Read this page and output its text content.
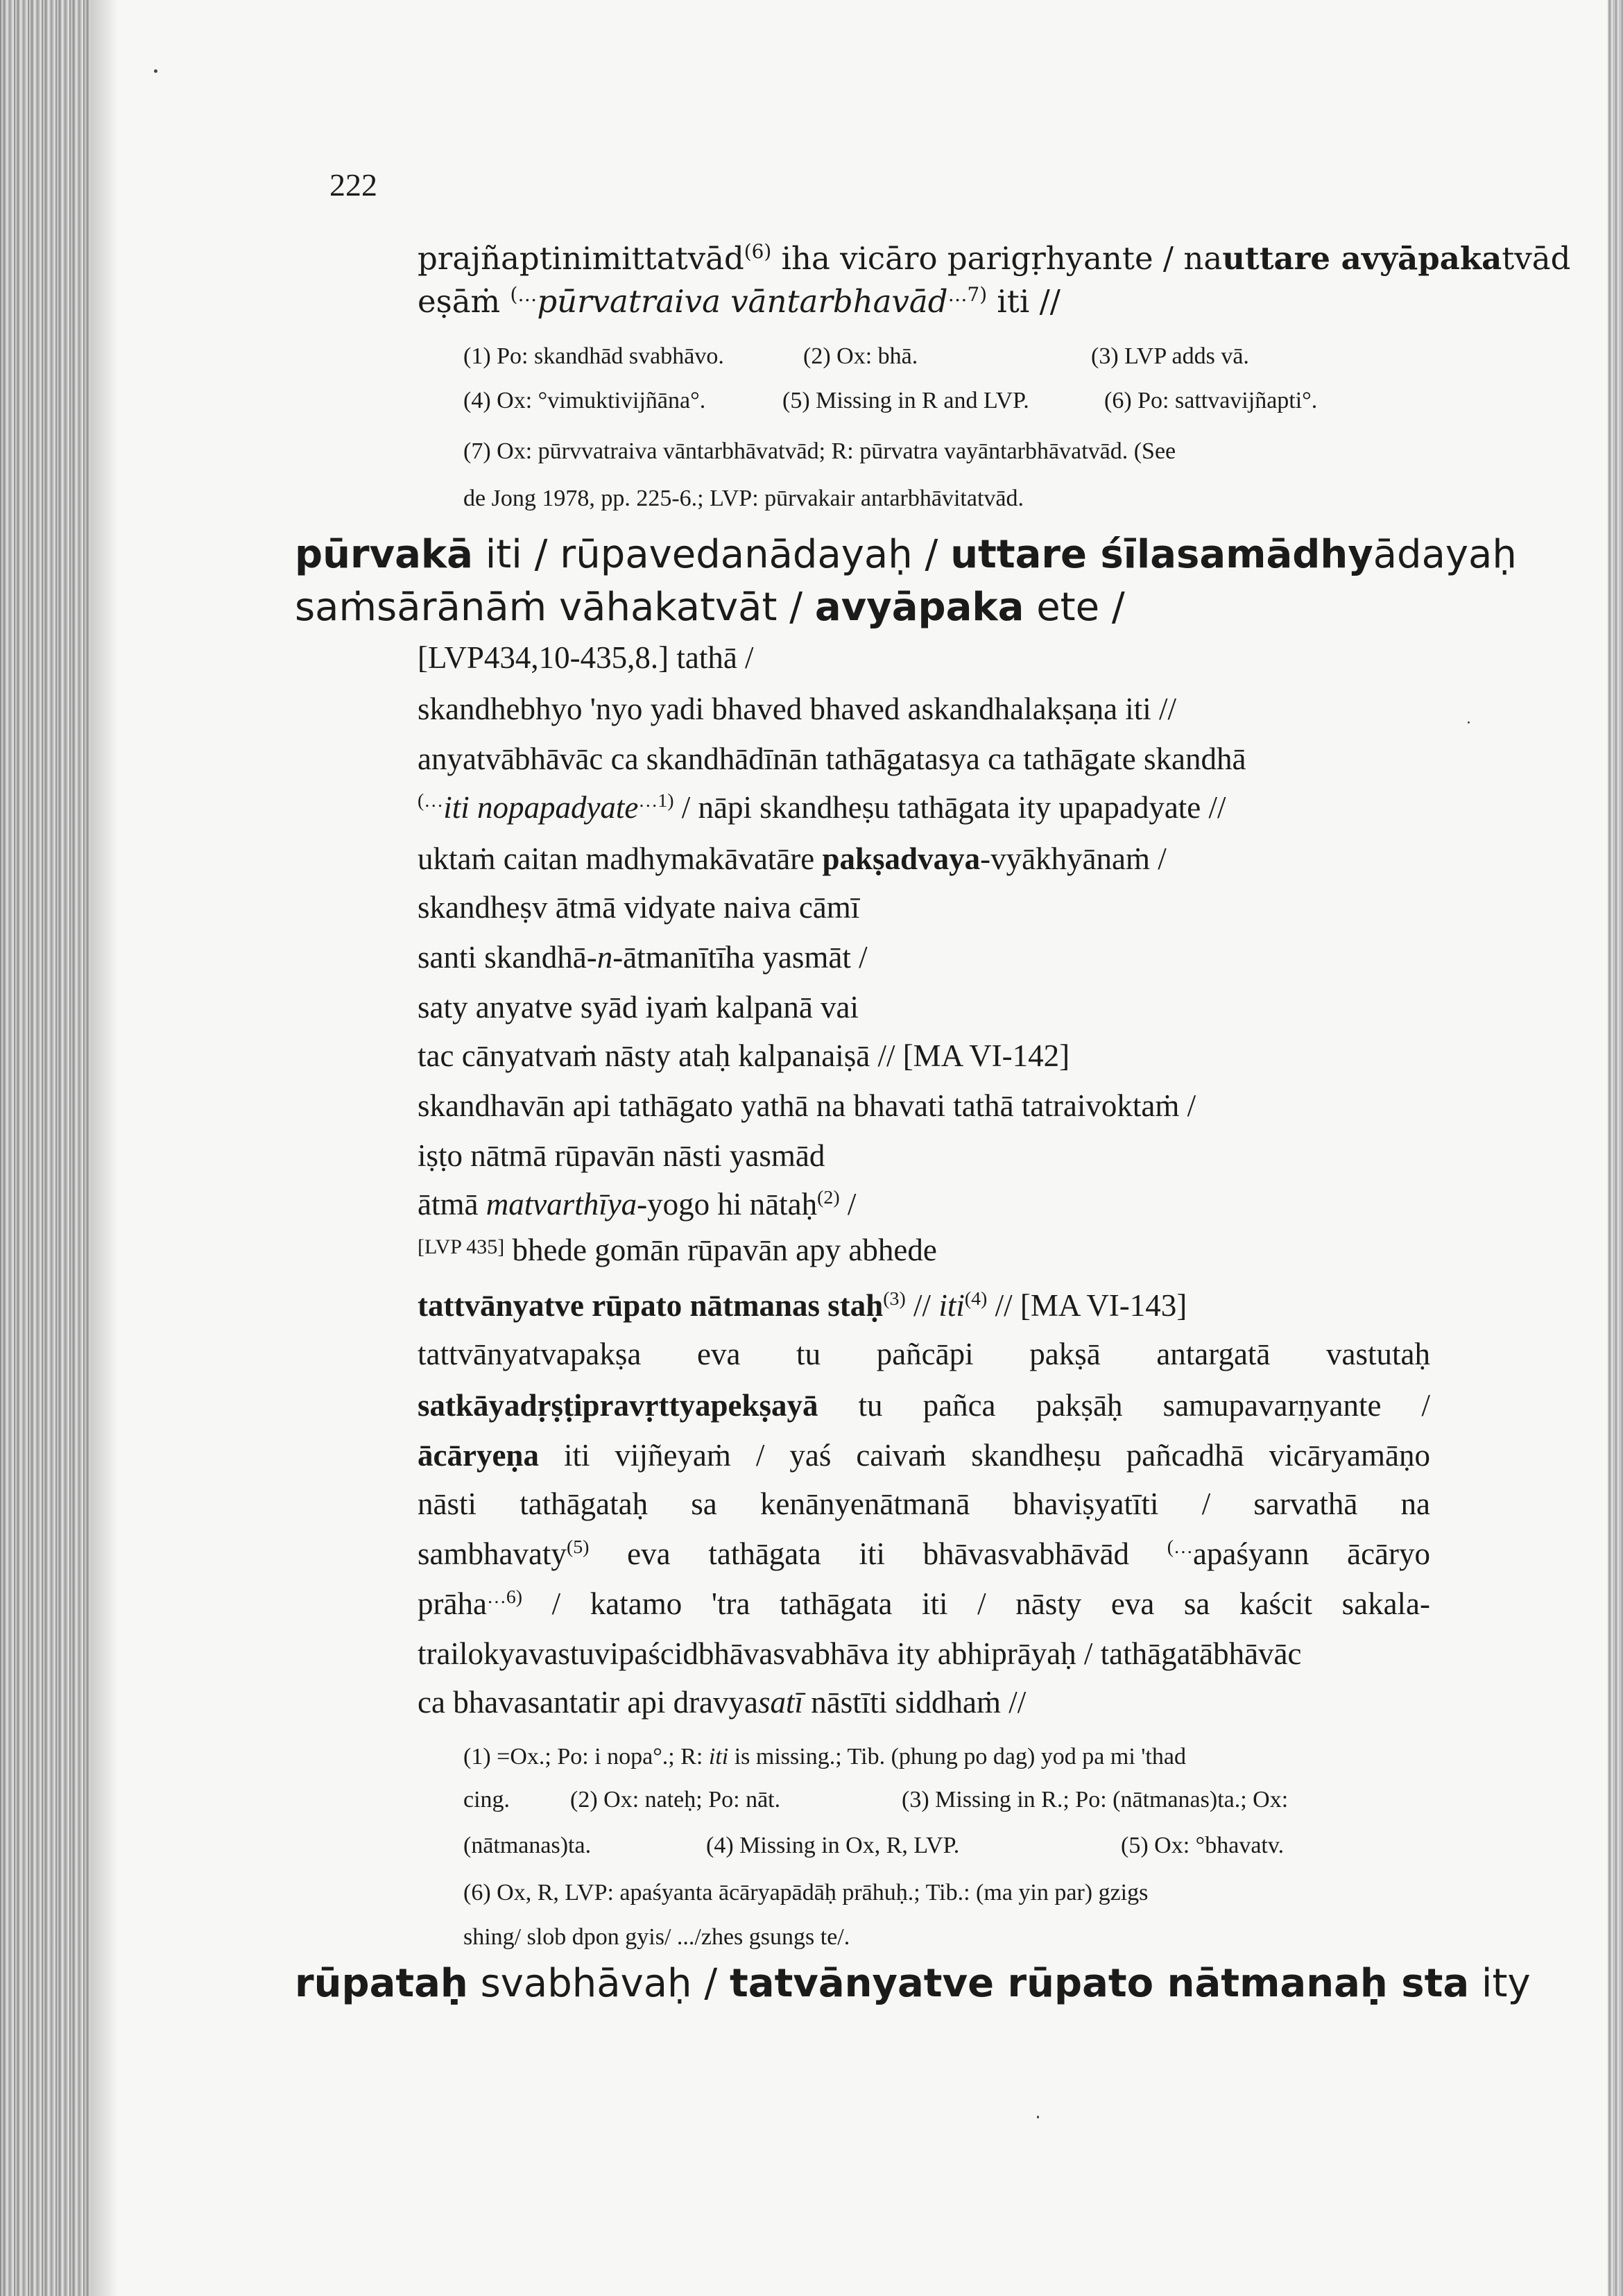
222
prajñaptinimittatvād$^{(6)}$ iha vicāro parigṛhyante / nauttare avyāpakatvād
eṣāṁ (…pūrvatraiva vāntarbhavād$^{\dots 7)}$ iti //
(1) Po: skandhād svabhāvo.	(2) Ox: bhā.	(3) LVP adds vā.
(4) Ox: °vimuktivijñāna°.	(5) Missing in R and LVP.	(6) Po: sattvavijñapti°.
(7) Ox: pūrvvatraiva vāntarbhāvatvād; R: pūrvatra vayāntarbhāvatvād. (See
de Jong 1978, pp. 225-6.; LVP: pūrvakair antarbhāvitatvād.
pūrvakā iti / rūpavedanādayaḥ / uttare śīlasamādhyādayaḥ
saṁsārānāṁ vāhakatvāt / avyāpaka ete /
[LVP434,10-435,8.] tathā /
skandhebhyo 'nyo yadi bhaved bhaved askandhalakṣaṇa iti //
anyatvābhāvāc ca skandhādīnān tathāgatasya ca tathāgate skandhā
(…iti nopapadyate$^{\dots 1)}$ / nāpi skandheṣu tathāgata ity upapadyate //
uktaṁ caitan madhymakāvatāre pakṣadvaya-vyākhyānaṁ /
skandheṣv ātmā vidyate naiva cāmī
santi skandhā-n-ātmanītīha yasmāt /
saty anyatve syād iyaṁ kalpanā vai
tac cānyatvaṁ nāsty ataḥ kalpanaiṣā // [MA VI-142]
skandhavān api tathāgato yathā na bhavati tathā tatraivoktaṁ /
iṣṭo nātmā rūpavān nāsti yasmād
ātmā matvarthīya-yogo hi nātaḥ$^{(2)}$ /
[LVP 435] bhede gomān rūpavān apy abhede
tattvānyatve rūpato nātmanas staḥ$^{(3)}$ // iti$^{(4)}$ // [MA VI-143]
tattvānyatvapakṣa eva tu pañcāpi pakṣā antargatā vastutaḥ
satkāyadṛṣṭipravṛttyapekṣayā tu pañca pakṣāḥ samupavarṇyante /
ācāryeṇa iti vijñeyaṁ / yaś caivaṁ skandheṣu pañcadhā vicāryamāṇo
nāsti tathāgataḥ sa kenānyenātmanā bhaviṣyatīti / sarvathā na
sambhavaty$^{(5)}$ eva tathāgata iti bhāvasvabhāvād (…apaśyann ācāryo
prāha$^{\dots 6)}$ / katamo 'tra tathāgata iti / nāsty eva sa kaścit sakala-
trailokyavastuvipaścidbhāvasvabhāva ity abhiprāyaḥ / tathāgatābhāvāc
ca bhavasantatir api dravyasatī nāstīti siddhaṁ //
(1) =Ox.; Po: i nopa°.; R: iti is missing.; Tib. (phung po dag) yod pa mi 'thad
cing.	(2) Ox: nateḥ; Po: nāt.	(3) Missing in R.; Po: (nātmanas)ta.; Ox:
(nātmanas)ta.	(4) Missing in Ox, R, LVP.	(5) Ox: °bhavatv.
(6) Ox, R, LVP: apaśyanta ācāryapādāḥ prāhuḥ.; Tib.: (ma yin par) gzigs
shing/ slob dpon gyis/ .../zhes gsungs te/.
rūpataḥ svabhāvaḥ / tatvānyatve rūpato nātmanaḥ sta ity
